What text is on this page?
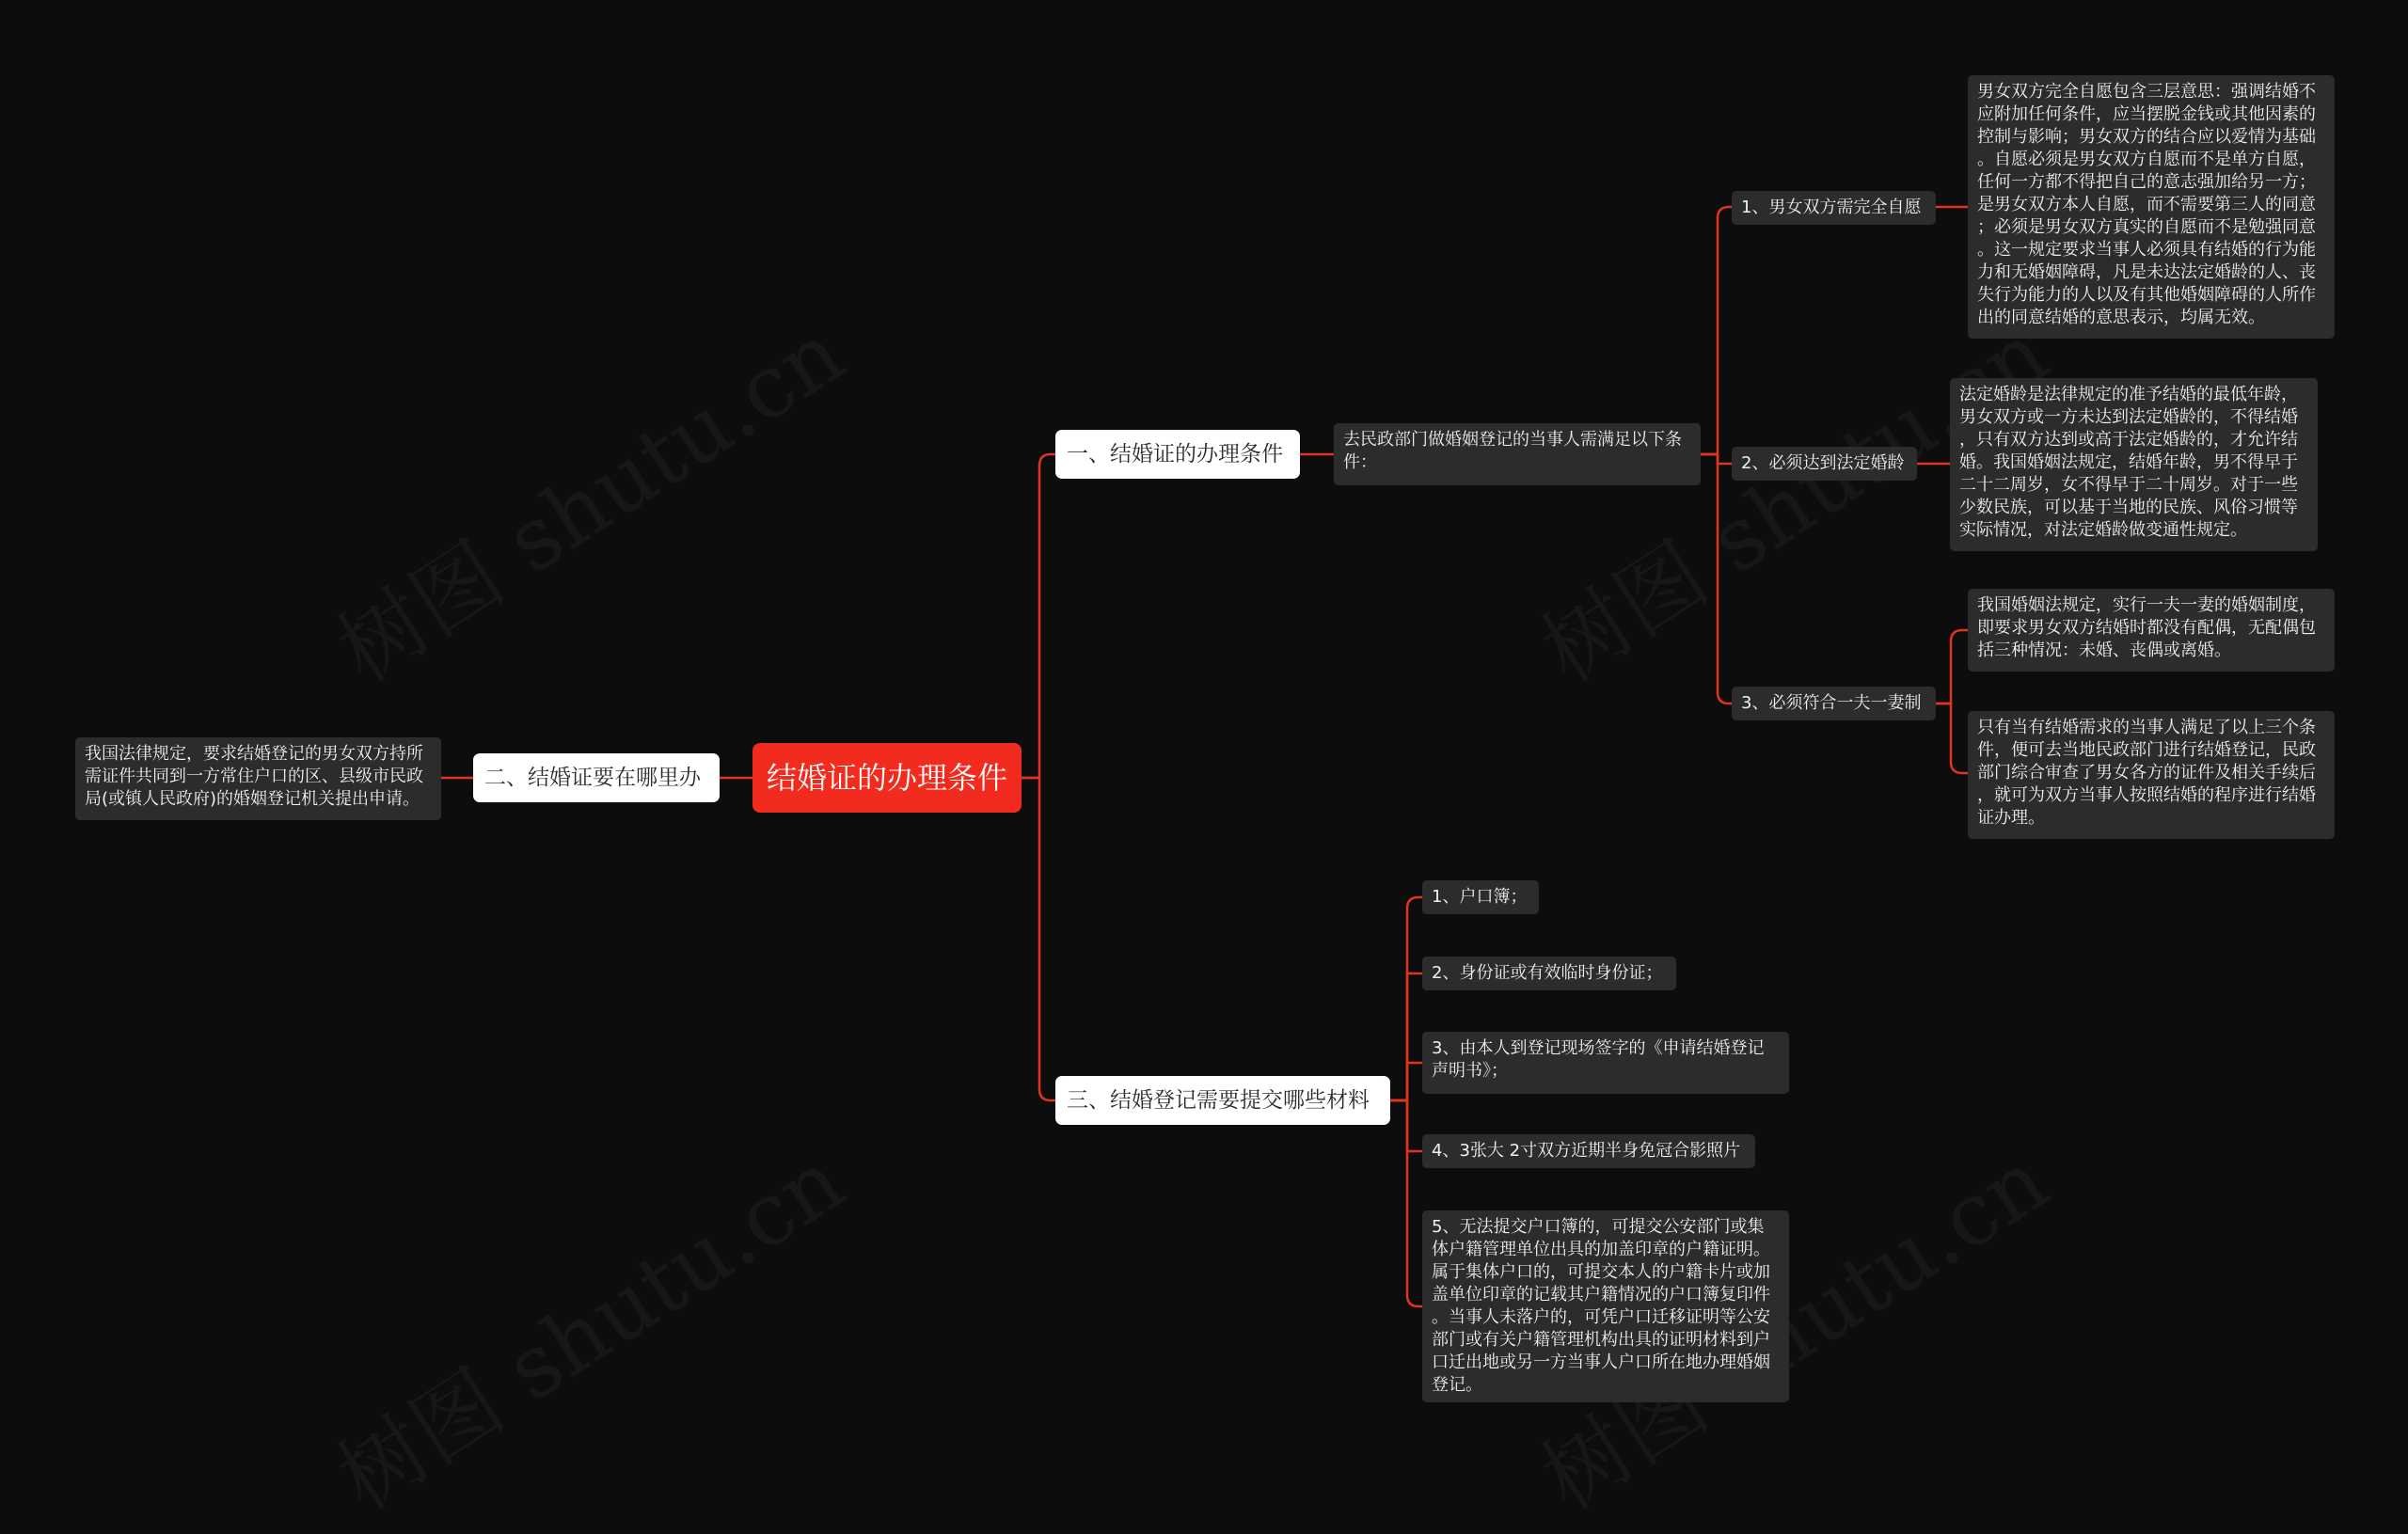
结婚证的办理条件
二、结婚证要在哪里办
我国法律规定，要求结婚登记的男女双方持所
需证件共同到一方常住户口的区、县级市民政
局(或镇人民政府)的婚姻登记机关提出申请。
一、结婚证的办理条件
去民政部门做婚姻登记的当事人需满足以下条
件：
1、男女双方需完全自愿
男女双方完全自愿包含三层意思：强调结婚不
应附加任何条件，应当摆脱金钱或其他因素的
控制与影响；男女双方的结合应以爱情为基础
。自愿必须是男女双方自愿而不是单方自愿，
任何一方都不得把自己的意志强加给另一方；
是男女双方本人自愿，而不需要第三人的同意
；必须是男女双方真实的自愿而不是勉强同意
。这一规定要求当事人必须具有结婚的行为能
力和无婚姻障碍，凡是未达法定婚龄的人、丧
失行为能力的人以及有其他婚姻障碍的人所作
出的同意结婚的意思表示，均属无效。
2、必须达到法定婚龄
法定婚龄是法律规定的准予结婚的最低年龄，
男女双方或一方未达到法定婚龄的，不得结婚
，只有双方达到或高于法定婚龄的，才允许结
婚。我国婚姻法规定，结婚年龄，男不得早于
二十二周岁，女不得早于二十周岁。对于一些
少数民族，可以基于当地的民族、风俗习惯等
实际情况，对法定婚龄做变通性规定。
3、必须符合一夫一妻制
我国婚姻法规定，实行一夫一妻的婚姻制度，
即要求男女双方结婚时都没有配偶，无配偶包
括三种情况：未婚、丧偶或离婚。
只有当有结婚需求的当事人满足了以上三个条
件，便可去当地民政部门进行结婚登记，民政
部门综合审查了男女各方的证件及相关手续后
，就可为双方当事人按照结婚的程序进行结婚
证办理。
三、结婚登记需要提交哪些材料
1、户口簿；
2、身份证或有效临时身份证；
3、由本人到登记现场签字的《申请结婚登记
声明书》；
4、3张大 2寸双方近期半身免冠合影照片
5、无法提交户口簿的，可提交公安部门或集
体户籍管理单位出具的加盖印章的户籍证明。
属于集体户口的，可提交本人的户籍卡片或加
盖单位印章的记载其户籍情况的户口簿复印件
。当事人未落户的，可凭户口迁移证明等公安
部门或有关户籍管理机构出具的证明材料到户
口迁出地或另一方当事人户口所在地办理婚姻
登记。
